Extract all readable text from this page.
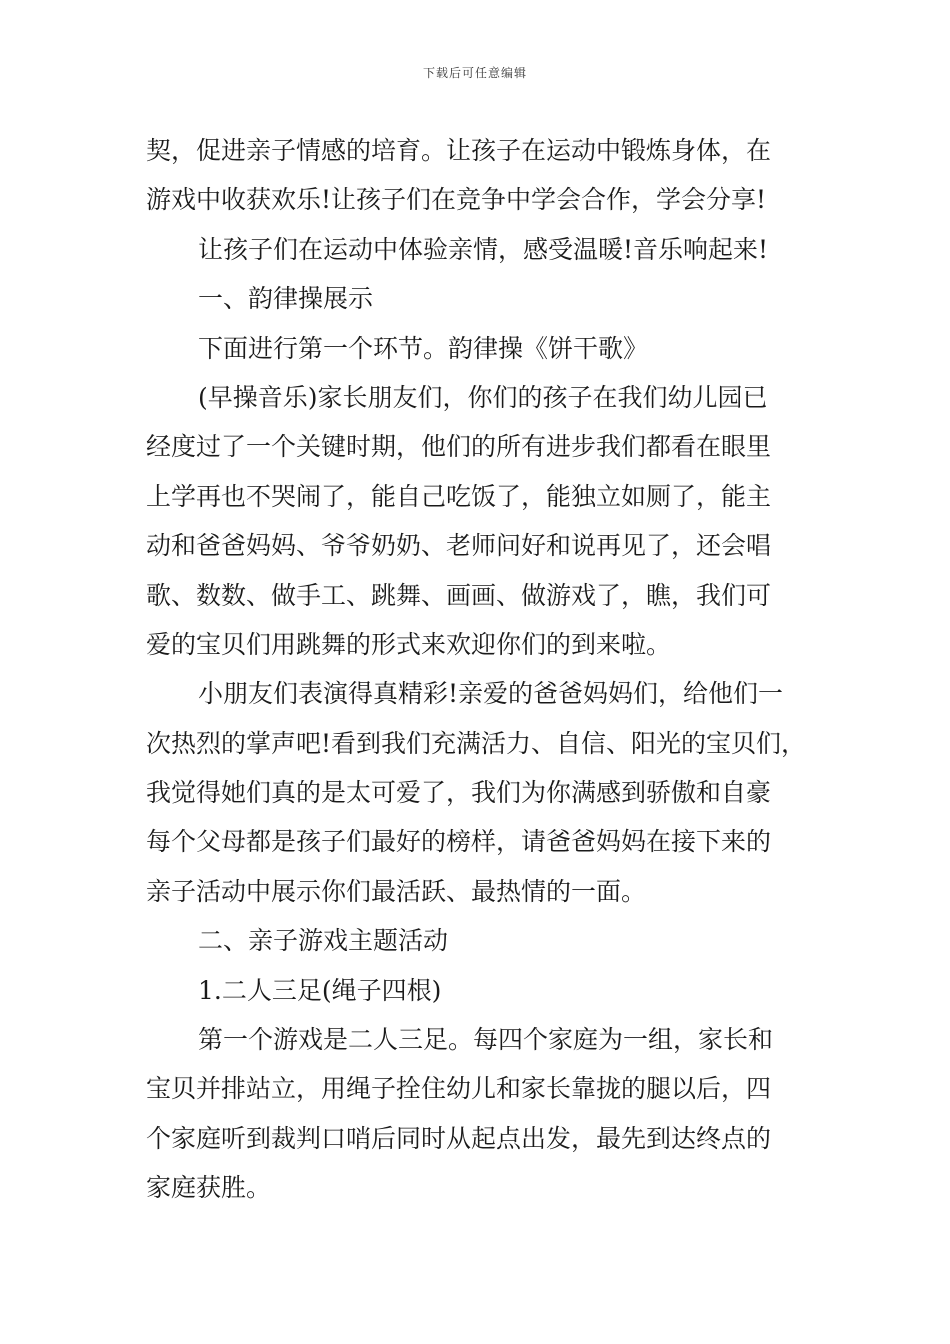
下载后可任意编辑
契，促进亲子情感的培育。让孩子在运动中锻炼身体，在
游戏中收获欢乐!让孩子们在竞争中学会合作，学会分享!
让孩子们在运动中体验亲情，感受温暖!音乐响起来!
一、韵律操展示
下面进行第一个环节。韵律操《饼干歌》
(早操音乐)家长朋友们，你们的孩子在我们幼儿园已
经度过了一个关键时期，他们的所有进步我们都看在眼里
上学再也不哭闹了，能自己吃饭了，能独立如厕了，能主
动和爸爸妈妈、爷爷奶奶、老师问好和说再见了，还会唱
歌、数数、做手工、跳舞、画画、做游戏了，瞧，我们可
爱的宝贝们用跳舞的形式来欢迎你们的到来啦。
小朋友们表演得真精彩!亲爱的爸爸妈妈们，给他们一
次热烈的掌声吧!看到我们充满活力、自信、阳光的宝贝们，
我觉得她们真的是太可爱了，我们为你满感到骄傲和自豪
每个父母都是孩子们最好的榜样，请爸爸妈妈在接下来的
亲子活动中展示你们最活跃、最热情的一面。
二、亲子游戏主题活动
1.二人三足(绳子四根)
第一个游戏是二人三足。每四个家庭为一组，家长和
宝贝并排站立，用绳子拴住幼儿和家长靠拢的腿以后，四
个家庭听到裁判口哨后同时从起点出发，最先到达终点的
家庭获胜。
